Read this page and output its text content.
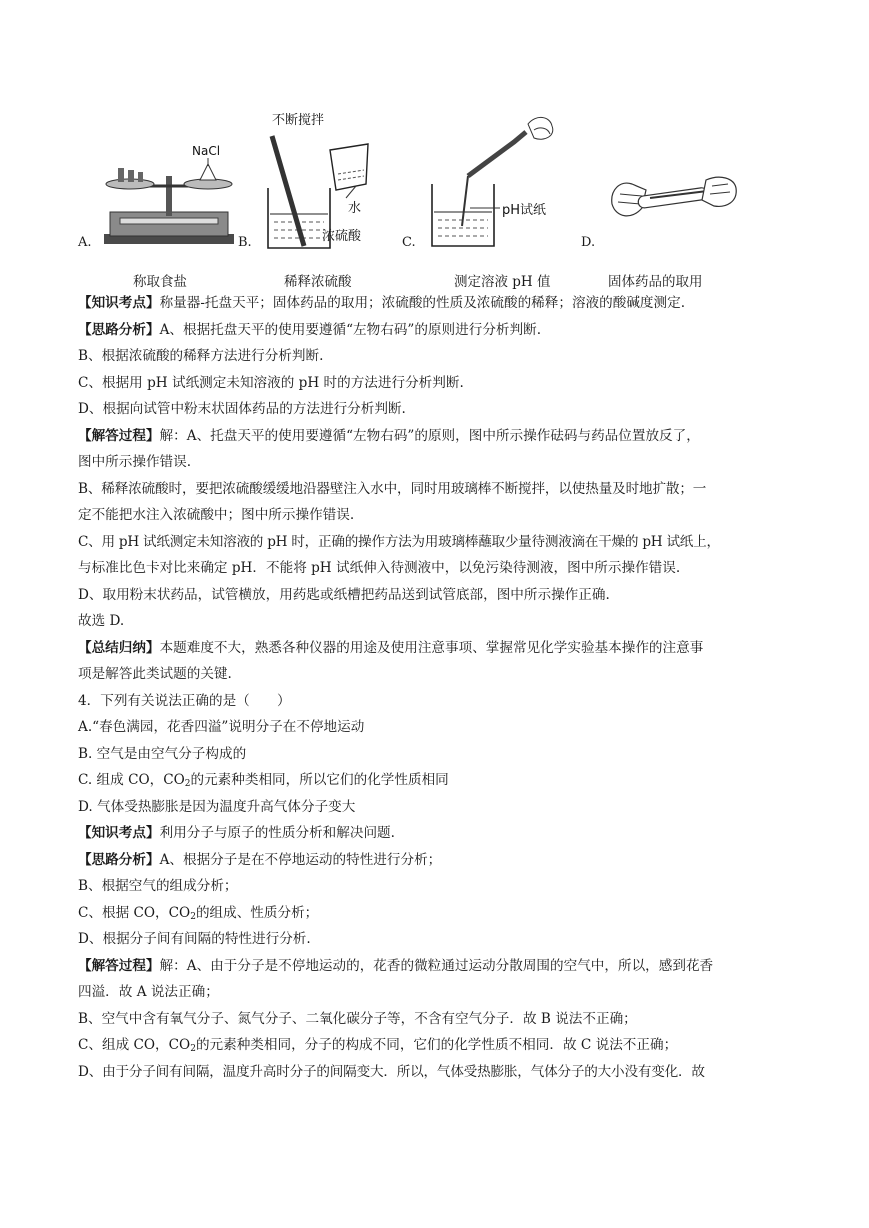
A.
NaCl
称取食盐
B.
不断搅拌
水
浓硫酸
稀释浓硫酸
C.
pH试纸
测定溶液 pH 值
D.
固体药品的取用
【知识考点】称量器-托盘天平；固体药品的取用；浓硫酸的性质及浓硫酸的稀释；溶液的酸碱度测定.
【思路分析】A、根据托盘天平的使用要遵循“左物右码”的原则进行分析判断.
B、根据浓硫酸的稀释方法进行分析判断.
C、根据用 pH 试纸测定未知溶液的 pH 时的方法进行分析判断.
D、根据向试管中粉末状固体药品的方法进行分析判断.
【解答过程】解：A、托盘天平的使用要遵循“左物右码”的原则，图中所示操作砝码与药品位置放反了，
图中所示操作错误.
B、稀释浓硫酸时，要把浓硫酸缓缓地沿器壁注入水中，同时用玻璃棒不断搅拌，以使热量及时地扩散；一
定不能把水注入浓硫酸中；图中所示操作错误.
C、用 pH 试纸测定未知溶液的 pH 时，正确的操作方法为用玻璃棒蘸取少量待测液滴在干燥的 pH 试纸上，
与标准比色卡对比来确定 pH．不能将 pH 试纸伸入待测液中，以免污染待测液，图中所示操作错误.
D、取用粉末状药品，试管横放，用药匙或纸槽把药品送到试管底部，图中所示操作正确.
故选 D.
【总结归纳】本题难度不大，熟悉各种仪器的用途及使用注意事项、掌握常见化学实验基本操作的注意事
项是解答此类试题的关键.
4．下列有关说法正确的是（　　）
A.“春色满园，花香四溢”说明分子在不停地运动
B. 空气是由空气分子构成的
C. 组成 CO，$CO_2$的元素种类相同，所以它们的化学性质相同
D. 气体受热膨胀是因为温度升高气体分子变大
【知识考点】利用分子与原子的性质分析和解决问题.
【思路分析】A、根据分子是在不停地运动的特性进行分析；
B、根据空气的组成分析；
C、根据 CO，$CO_2$的组成、性质分析；
D、根据分子间有间隔的特性进行分析.
【解答过程】解：A、由于分子是不停地运动的，花香的微粒通过运动分散周围的空气中，所以，感到花香
四溢．故 A 说法正确；
B、空气中含有氧气分子、氮气分子、二氧化碳分子等，不含有空气分子．故 B 说法不正确；
C、组成 CO，$CO_2$的元素种类相同，分子的构成不同，它们的化学性质不相同．故 C 说法不正确；
D、由于分子间有间隔，温度升高时分子的间隔变大．所以，气体受热膨胀，气体分子的大小没有变化．故
